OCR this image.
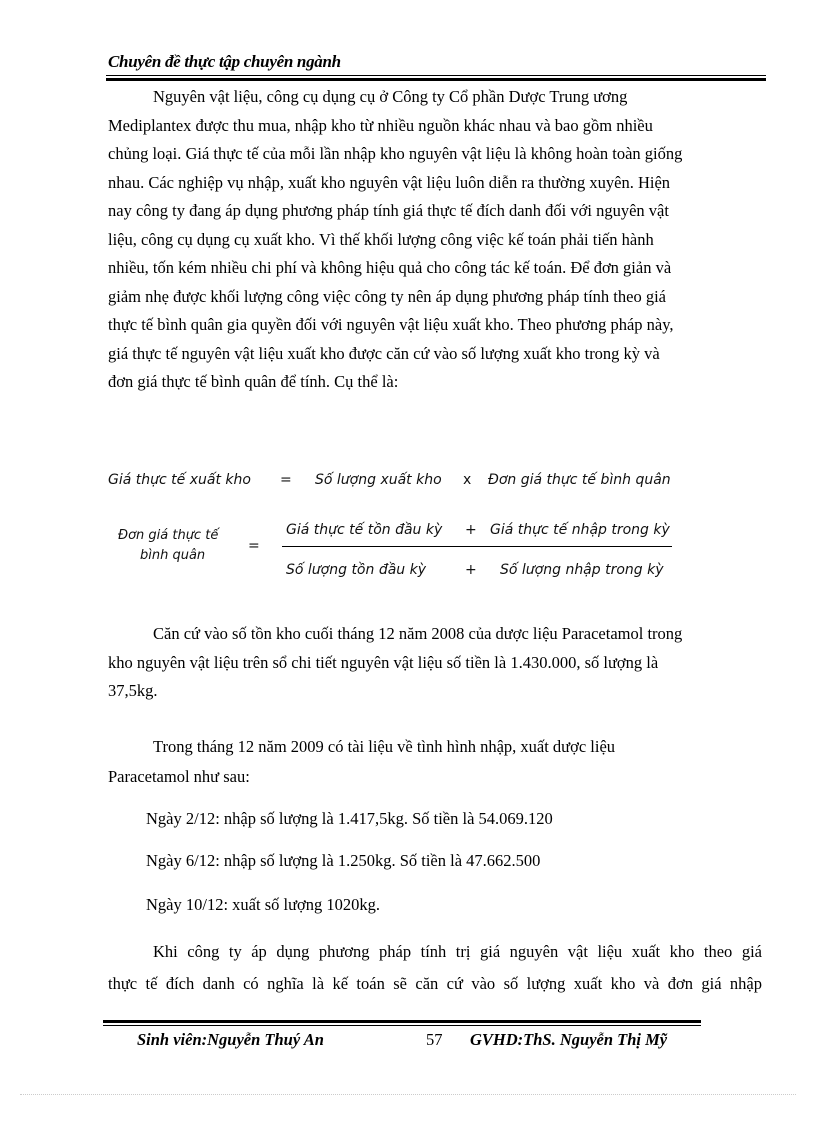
Chuyên đề thực tập chuyên ngành
Nguyên vật liệu, công cụ dụng cụ ở Công ty Cổ phần Dược Trung ương
Mediplantex được thu mua, nhập kho từ nhiều nguồn khác nhau và bao gồm nhiều
chủng loại. Giá thực tế của mỗi lần nhập kho nguyên vật liệu là không hoàn toàn giống
nhau. Các nghiệp vụ nhập, xuất kho nguyên vật liệu luôn diễn ra thường xuyên. Hiện
nay công ty đang áp dụng phương pháp tính giá thực tế đích danh đối với nguyên vật
liệu, công cụ dụng cụ xuất kho. Vì thế khối lượng công việc kế toán phải tiến hành
nhiều, tốn kém nhiều chi phí và không hiệu quả cho công tác kế toán. Để đơn giản và
giảm nhẹ được khối lượng công việc công ty nên áp dụng phương pháp tính theo giá
thực tế bình quân gia quyền đối với nguyên vật liệu xuất kho. Theo phương pháp này,
giá thực tế nguyên vật liệu xuất kho được căn cứ vào số lượng xuất kho trong kỳ và
đơn giá thực tế bình quân để tính. Cụ thể là:
Giá thực tế xuất kho = Số lượng xuất kho x Đơn giá thực tế bình quân
Đơn giá thực tế
bình quân
=
Giá thực tế tồn đầu kỳ + Giá thực tế nhập trong kỳ
Số lượng tồn đầu kỳ	+ Số lượng nhập trong kỳ
Căn cứ vào số tồn kho cuối tháng 12 năm 2008 của dược liệu Paracetamol trong
kho nguyên vật liệu trên sổ chi tiết nguyên vật liệu số tiền là 1.430.000, số lượng là
37,5kg.
Trong tháng 12 năm 2009 có tài liệu về tình hình nhập, xuất dược liệu
Paracetamol như sau:
Ngày 2/12: nhập số lượng là 1.417,5kg. Số tiền là 54.069.120
Ngày 6/12: nhập số lượng là 1.250kg. Số tiền là 47.662.500
Ngày 10/12: xuất số lượng 1020kg.
Khi công ty áp dụng phương pháp tính trị giá nguyên vật liệu xuất kho theo giá
thực tế đích danh có nghĩa là kế toán sẽ căn cứ vào số lượng xuất kho và đơn giá nhập
Sinh viên:Nguyễn Thuý An	57 GVHD:ThS. Nguyễn Thị Mỹ
